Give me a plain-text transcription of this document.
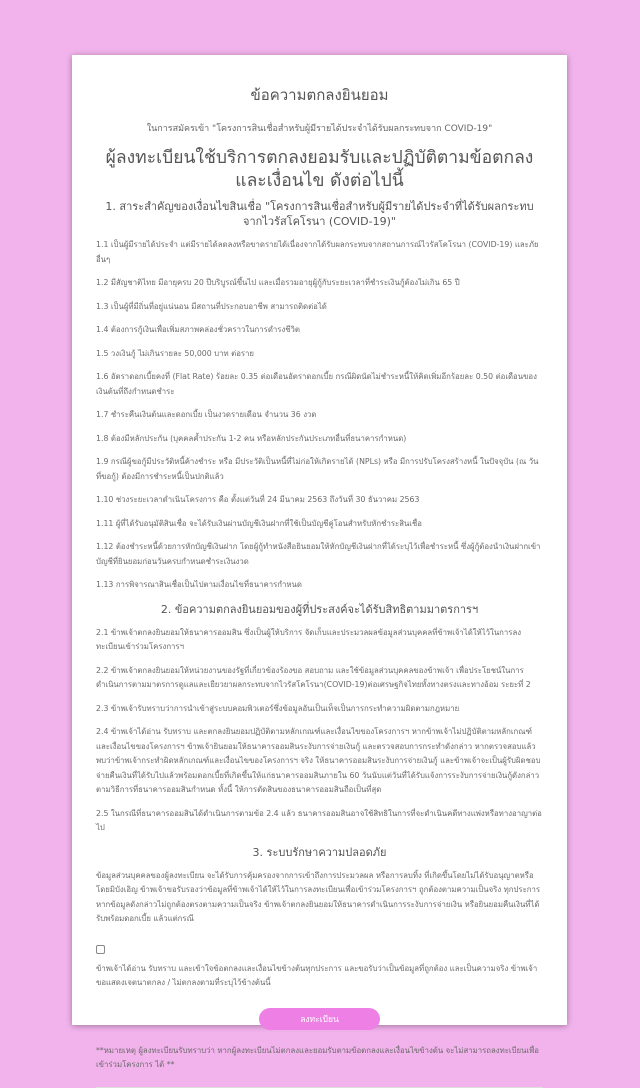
ข้อความตกลงยินยอม
ในการสมัครเข้า "โครงการสินเชื่อสำหรับผู้มีรายได้ประจำได้รับผลกระทบจาก COVID-19"
ผู้ลงทะเบียนใช้บริการตกลงยอมรับและปฏิบัติตามข้อตกลงและเงื่อนไข ดังต่อไปนี้
1. สาระสำคัญของเงื่อนไขสินเชื่อ "โครงการสินเชื่อสำหรับผู้มีรายได้ประจำที่ได้รับผลกระทบจากไวรัสโคโรนา (COVID-19)"

1.1 เป็นผู้มีรายได้ประจำ แต่มีรายได้ลดลงหรือขาดรายได้เนื่องจากได้รับผลกระทบจากสถานการณ์ไวรัสโคโรนา (COVID-19) และภัยอื่นๆ

1.2 มีสัญชาติไทย มีอายุครบ 20 ปีบริบูรณ์ขึ้นไป และเมื่อรวมอายุผู้กู้กับระยะเวลาที่ชำระเงินกู้ต้องไม่เกิน 65 ปี

1.3 เป็นผู้ที่มีถิ่นที่อยู่แน่นอน มีสถานที่ประกอบอาชีพ สามารถติดต่อได้

1.4 ต้องการกู้เงินเพื่อเพิ่มสภาพคล่องชั่วคราวในการดำรงชีวิต

1.5 วงเงินกู้ ไม่เกินรายละ 50,000 บาท ต่อราย

1.6 อัตราดอกเบี้ยคงที่ (Flat Rate) ร้อยละ 0.35 ต่อเดือนอัตราดอกเบี้ย กรณีผิดนัดไม่ชำระหนี้ให้คิดเพิ่มอีกร้อยละ 0.50 ต่อเดือนของเงินต้นที่ถึงกำหนดชำระ

1.7 ชำระคืนเงินต้นและดอกเบี้ย เป็นงวดรายเดือน จำนวน 36 งวด

1.8 ต้องมีหลักประกัน (บุคคลค้ำประกัน 1-2 คน หรือหลักประกันประเภทอื่นที่ธนาคารกำหนด)

1.9 กรณีผู้ขอกู้มีประวัติหนี้ค้างชำระ หรือ มีประวัติเป็นหนี้ที่ไม่ก่อให้เกิดรายได้ (NPLs) หรือ มีการปรับโครงสร้างหนี้ ในปัจจุบัน (ณ วันที่ขอกู้) ต้องมีการชำระหนี้เป็นปกติแล้ว

1.10 ช่วงระยะเวลาดำเนินโครงการ คือ ตั้งแต่วันที่ 24 มีนาคม 2563 ถึงวันที่ 30 ธันวาคม 2563

1.11 ผู้ที่ได้รับอนุมัติสินเชื่อ จะได้รับเงินผ่านบัญชีเงินฝากที่ใช้เป็นบัญชีคู่โอนสำหรับหักชำระสินเชื่อ

1.12 ต้องชำระหนี้ด้วยการหักบัญชีเงินฝาก โดยผู้กู้ทำหนังสือยินยอมให้หักบัญชีเงินฝากที่ได้ระบุไว้เพื่อชำระหนี้ ซึ่งผู้กู้ต้องนำเงินฝากเข้าบัญชีที่ยินยอมก่อนวันครบกำหนดชำระเงินงวด

1.13 การพิจารณาสินเชื่อเป็นไปตามเงื่อนไขที่ธนาคารกำหนด

2. ข้อความตกลงยินยอมของผู้ที่ประสงค์จะได้รับสิทธิตามมาตรการฯ

2.1 ข้าพเจ้าตกลงยินยอมให้ธนาคารออมสิน ซึ่งเป็นผู้ให้บริการ จัดเก็บและประมวลผลข้อมูลส่วนบุคคลที่ข้าพเจ้าได้ให้ไว้ในการลงทะเบียนเข้าร่วมโครงการฯ

2.2 ข้าพเจ้าตกลงยินยอมให้หน่วยงานของรัฐที่เกี่ยวข้องร้องขอ สอบถาม และใช้ข้อมูลส่วนบุคคลของข้าพเจ้า เพื่อประโยชน์ในการดำเนินการตามมาตรการดูแลและเยียวยาผลกระทบจากไวรัสโคโรนา(COVID-19)ต่อเศรษฐกิจไทยทั้งทางตรงและทางอ้อม ระยะที่ 2

2.3 ข้าพเจ้ารับทราบว่าการนำเข้าสู่ระบบคอมพิวเตอร์ซึ่งข้อมูลอันเป็นเท็จเป็นการกระทำความผิดตามกฎหมาย

2.4 ข้าพเจ้าได้อ่าน รับทราบ และตกลงยินยอมปฏิบัติตามหลักเกณฑ์และเงื่อนไขของโครงการฯ หากข้าพเจ้าไม่ปฏิบัติตามหลักเกณฑ์และเงื่อนไขของโครงการฯ ข้าพเจ้ายินยอมให้ธนาคารออมสินระงับการจ่ายเงินกู้ และตรวจสอบการกระทำดังกล่าว หากตรวจสอบแล้วพบว่าข้าพเจ้ากระทำผิดหลักเกณฑ์และเงื่อนไขของโครงการฯ จริง ให้ธนาคารออมสินระงับการจ่ายเงินกู้ และข้าพเจ้าจะเป็นผู้รับผิดชอบจ่ายคืนเงินที่ได้รับไปแล้วพร้อมดอกเบี้ยที่เกิดขึ้นให้แก่ธนาคารออมสินภายใน 60 วันนับแต่วันที่ได้รับแจ้งการระงับการจ่ายเงินกู้ดังกล่าว ตามวิธีการที่ธนาคารออมสินกำหนด ทั้งนี้ ให้การตัดสินของธนาคารออมสินถือเป็นที่สุด

2.5 ในกรณีที่ธนาคารออมสินได้ดำเนินการตามข้อ 2.4 แล้ว ธนาคารออมสินอาจใช้สิทธิในการที่จะดำเนินคดีทางแพ่งหรือทางอาญาต่อไป

3. ระบบรักษาความปลอดภัย

ข้อมูลส่วนบุคคลของผู้ลงทะเบียน จะได้รับการคุ้มครองจากการเข้าถึงการประมวลผล หรือการลบทิ้ง ที่เกิดขึ้นโดยไม่ได้รับอนุญาตหรือโดยมิบังเอิญ ข้าพเจ้าขอรับรองว่าข้อมูลที่ข้าพเจ้าได้ให้ไว้ในการลงทะเบียนเพื่อเข้าร่วมโครงการฯ ถูกต้องตามความเป็นจริง ทุกประการ หากข้อมูลดังกล่าวไม่ถูกต้องตรงตามความเป็นจริง ข้าพเจ้าตกลงยินยอมให้ธนาคารดำเนินการระงับการจ่ายเงิน หรือยินยอมคืนเงินที่ได้รับพร้อมดอกเบี้ย แล้วแต่กรณี

ข้าพเจ้าได้อ่าน รับทราบ และเข้าใจข้อตกลงและเงื่อนไขข้างต้นทุกประการ และขอรับว่าเป็นข้อมูลที่ถูกต้อง และเป็นความจริง ข้าพเจ้าขอแสดงเจตนาตกลง / ไม่ตกลงตามที่ระบุไว้ข้างต้นนี้

ลงทะเบียน

**หมายเหตุ ผู้ลงทะเบียนรับทราบว่า หากผู้ลงทะเบียนไม่ตกลงและยอมรับตามข้อตกลงและเงื่อนไขข้างต้น จะไม่สามารถลงทะเบียนเพื่อเข้าร่วมโครงการ ได้ **
